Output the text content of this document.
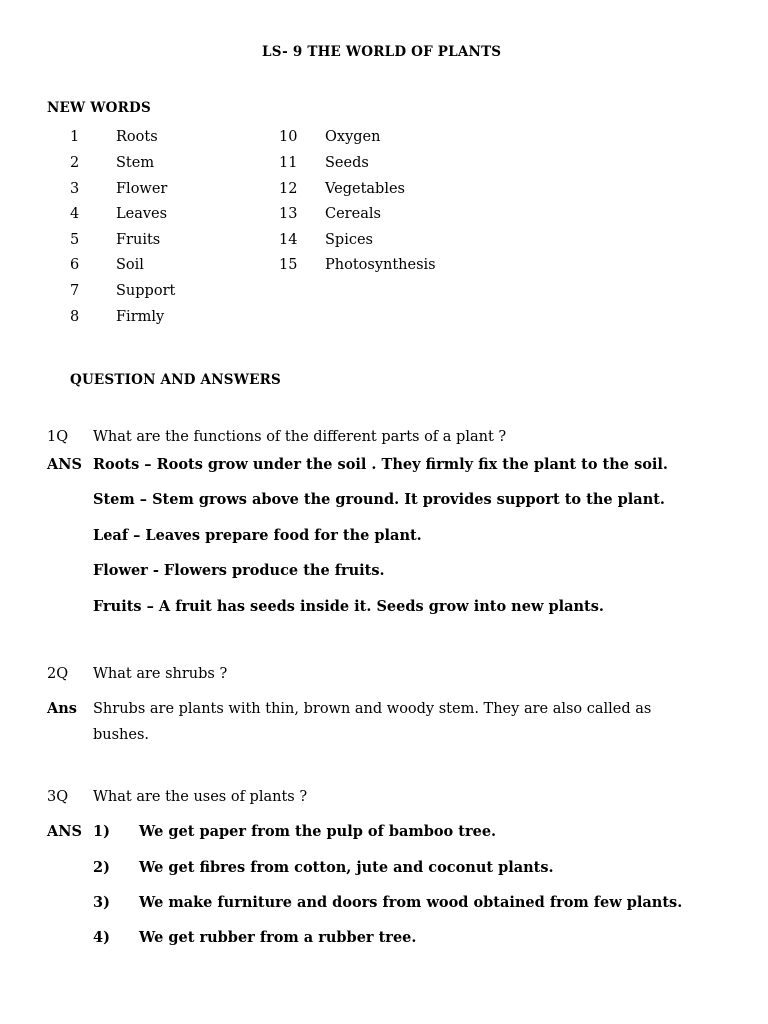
LS- 9 THE WORLD OF PLANTS
NEW WORDS
1	Roots
2	Stem
3	Flower
4	Leaves
5	Fruits
6	Soil
7	Support
8	Firmly
10 Oxygen
11 Seeds
12 Vegetables
13 Cereals
14 Spices
15 Photosynthesis
QUESTION AND ANSWERS
1Q What are the functions of the different parts of a plant ?
ANS Roots – Roots grow under the soil . They firmly fix the plant to the soil.
Stem – Stem grows above the ground. It provides support to the plant.
Leaf – Leaves prepare food for the plant.
Flower - Flowers produce the fruits.
Fruits – A fruit has seeds inside it. Seeds grow into new plants.
2Q What are shrubs ?
Ans Shrubs are plants with thin, brown and woody stem. They are also called as
bushes.
3Q What are the uses of plants ?
ANS 1) We get paper from the pulp of bamboo tree.
2) We get fibres from cotton, jute and coconut plants.
3) We make furniture and doors from wood obtained from few plants.
4) We get rubber from a rubber tree.
